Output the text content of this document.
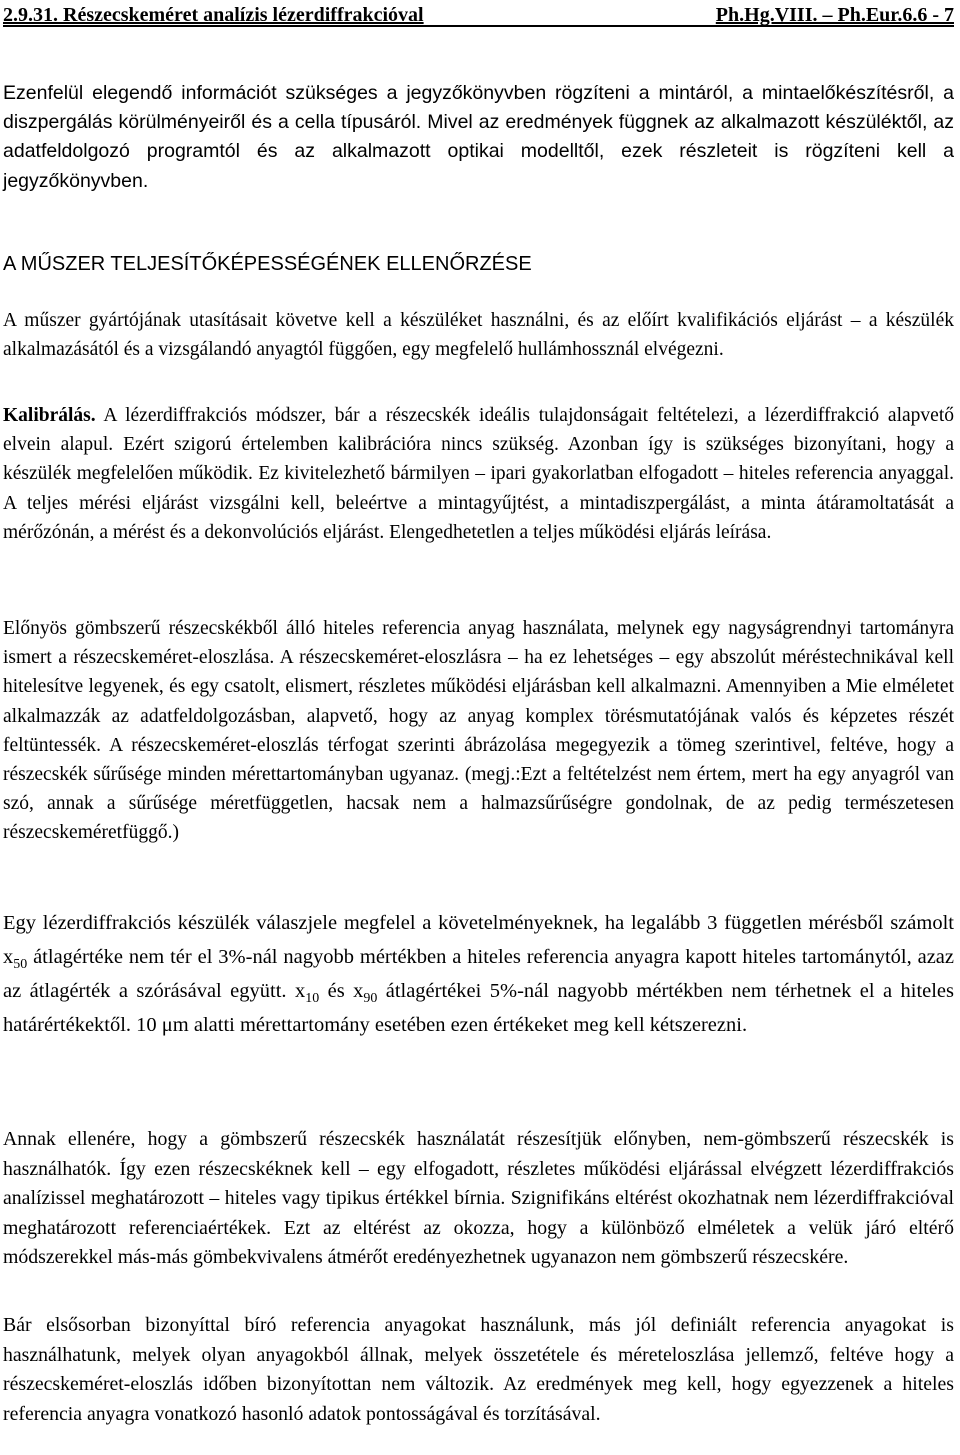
2.9.31. Részecskeméret analízis lézerdiffrakcióval	Ph.Hg.VIII. – Ph.Eur.6.6 - 7

Ezenfelül elegendő információt szükséges a jegyzőkönyvben rögzíteni a mintáról, a mintaelőkészítésről, a diszpergálás körülményeiről és a cella típusáról. Mivel az eredmények függnek az alkalmazott készüléktől, az adatfeldolgozó programtól és az alkalmazott optikai modelltől, ezek részleteit is rögzíteni kell a jegyzőkönyvben.

A MŰSZER TELJESÍTŐKÉPESSÉGÉNEK ELLENŐRZÉSE

A műszer gyártójának utasításait követve kell a készüléket használni, és az előírt kvalifikációs eljárást – a készülék alkalmazásától és a vizsgálandó anyagtól függően, egy megfelelő hullámhossznál elvégezni.

Kalibrálás. A lézerdiffrakciós módszer, bár a részecskék ideális tulajdonságait feltételezi, a lézerdiffrakció alapvető elvein alapul. Ezért szigorú értelemben kalibrációra nincs szükség. Azonban így is szükséges bizonyítani, hogy a készülék megfelelően működik. Ez kivitelezhető bármilyen – ipari gyakorlatban elfogadott – hiteles referencia anyaggal. A teljes mérési eljárást vizsgálni kell, beleértve a mintagyűjtést, a mintadiszpergálást, a minta átáramoltatását a mérőzónán, a mérést és a dekonvolúciós eljárást. Elengedhetetlen a teljes működési eljárás leírása.

Előnyös gömbszerű részecskékből álló hiteles referencia anyag használata, melynek egy nagyságrendnyi tartományra ismert a részecskeméret-eloszlása. A részecskeméret-eloszlásra – ha ez lehetséges – egy abszolút méréstechnikával kell hitelesítve legyenek, és egy csatolt, elismert, részletes működési eljárásban kell alkalmazni. Amennyiben a Mie elméletet alkalmazzák az adatfeldolgozásban, alapvető, hogy az anyag komplex törésmutatójának valós és képzetes részét feltüntessék. A részecskeméret-eloszlás térfogat szerinti ábrázolása megegyezik a tömeg szerintivel, feltéve, hogy a részecskék sűrűsége minden mérettartományban ugyanaz. (megj.:Ezt a feltételzést nem értem, mert ha egy anyagról van szó, annak a sűrűsége méretfüggetlen, hacsak nem a halmazsűrűségre gondolnak, de az pedig természetesen részecskeméretfüggő.)

Egy lézerdiffrakciós készülék válaszjele megfelel a követelményeknek, ha legalább 3 független mérésből számolt $x_{50}$ átlagértéke nem tér el 3%-nál nagyobb mértékben a hiteles referencia anyagra kapott hiteles tartománytól, azaz az átlagérték a szórásával együtt. $x_{10}$ és $x_{90}$ átlagértékei 5%-nál nagyobb mértékben nem térhetnek el a hiteles határértékektől. 10 μm alatti mérettartomány esetében ezen értékeket meg kell kétszerezni.

Annak ellenére, hogy a gömbszerű részecskék használatát részesítjük előnyben, nem-gömbszerű részecskék is használhatók. Így ezen részecskéknek kell – egy elfogadott, részletes működési eljárással elvégzett lézerdiffrakciós analízissel meghatározott – hiteles vagy tipikus értékkel bírnia. Szignifikáns eltérést okozhatnak nem lézerdiffrakcióval meghatározott referenciaértékek. Ezt az eltérést az okozza, hogy a különböző elméletek a velük járó eltérő módszerekkel más-más gömbekvivalens átmérőt eredényezhetnek ugyanazon nem gömbszerű részecskére.

Bár elsősorban bizonyíttal bíró referencia anyagokat használunk, más jól definiált referencia anyagokat is használhatunk, melyek olyan anyagokból állnak, melyek összetétele és méreteloszlása jellemző, feltéve hogy a részecskeméret-eloszlás időben bizonyítottan nem változik. Az eredmények meg kell, hogy egyezzenek a hiteles referencia anyagra vonatkozó hasonló adatok pontosságával és torzításával.
